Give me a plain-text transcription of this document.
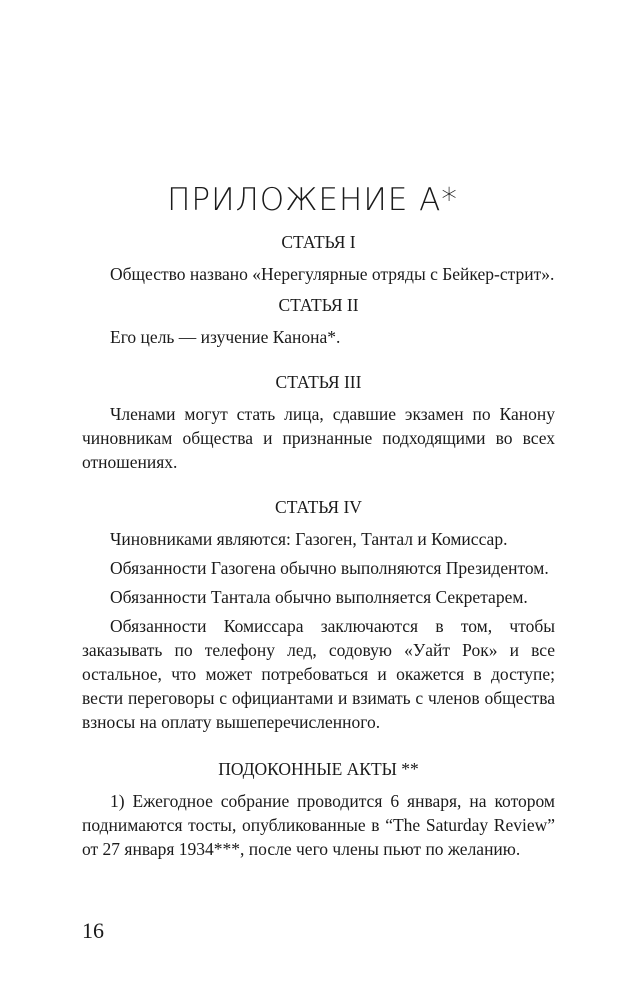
ПРИЛОЖЕНИЕ А*
СТАТЬЯ I

Общество названо «Нерегулярные отряды с Бейкер-стрит».

СТАТЬЯ II

Его цель — изучение Канона*.

СТАТЬЯ III

Членами могут стать лица, сдавшие экзамен по Канону чиновникам общества и признанные подходящими во всех отношениях.

СТАТЬЯ IV

Чиновниками являются: Газоген, Тантал и Комиссар.

Обязанности Газогена обычно выполняются Президентом.

Обязанности Тантала обычно выполняется Секретарем.

Обязанности Комиссара заключаются в том, чтобы заказывать по телефону лед, содовую «Уайт Рок» и все остальное, что может потребоваться и окажется в доступе; вести переговоры с официантами и взимать с членов общества взносы на оплату вышеперечисленного.

ПОДОКОННЫЕ АКТЫ **

1) Ежегодное собрание проводится 6 января, на котором поднимаются тосты, опубликованные в “The Saturday Review” от 27 января 1934***, после чего члены пьют по желанию.

16
